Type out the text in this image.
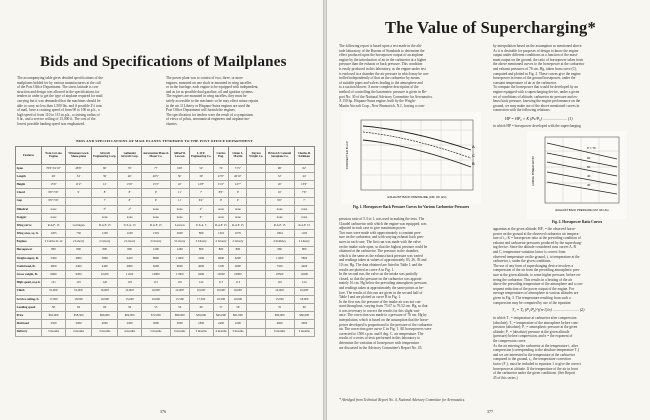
Bids and Specifications of Mailplanes
The accompanying table gives detailed specifications of the
mailplanes bidded for by various manufacturers at the call
of the Post Office Department. The stress latitude is con-
struction and design was allowed in the specifications for
tenders in order to get the type of airplane required for mail
carrying but it was demanded that the machines should be
able to carry no less than 1,500 lbs. and if possible 2½ tons
of mail, have a cruising speed of from 90 to 100 m.p.h., a
high speed of from 110 to 115 m.p.h., a cruising radius of
6 hr., and a service ceiling of 15,000 ft. The cost of the
lowest possible landing speed was emphasized.
The power plant was to consist of two, three, or more
engines, mounted on one shaft or mounted in wing nacelles
or in the fuselage, each engine to be equipped with independent,
and as far as possible dual gasoline, oil and ignition systems.
The engines are mounted in wing nacelles, they must be
safely accessible to the mechanic so he may effect minor repairs
in the air. If Liberty or Hispano-Suiza engines are used the
Post Office Department will furnish the engines.
The specification for tenders were the result of a symposium
of views of pilots, aeronautical engineers and airplane me-
chanics.
BIDS AND SPECIFICATIONS OF MAIL PLANES TENDERED TO THE POST OFFICE DEPARTMENT
Features	Twin Cur-tiss Engine	Witteman Lewis Mono-plane	Aircraft Engineering Corp.	Gallaudet Aircraft Corp.	Aeromarine Plane & Motor Co.	Alfred W. Lawson	L.W.F. Engineering Co.	Curtiss Eng.	Glenn L. Martin	Dayton Wright Co.	Bristol & Colonial Aeroplane Co.	Charles B. Kirkham
Span	76'6"/61'10"	48'6"	60'	70'	77'	100'	52'	74'	71'5"		96'	62'
Length	46'	34'	39'	46'	46'5"	50'	39'	47'6"	46'10"		52'	44'
Height	15'6"	11'2"	12'	13'6"	15'3"	16'	12'8"	15'2"	14'7"		20'	13'6"
Chord	8'6"/5'6"	9'	8'	8'	9'	11'	7'	8'6"	9'		10'	7'6"
Gap	8'6"/5'6"		7'	8'	9'	11'	6'4"	9'	9'		9'6"	7'
Dihedral	none		3°	2°	none	none	2°	none	none		none	none
Stagger	none		none	none	none	none	6"	none	none		none	none
Wing curve	R.A.F. 15	Gottingen	R.A.F. 15	U.S.A. 15	R.A.F. 15	Lawson	U.S.A. 5	R.A.F. 15	R.A.F. 15		R.A.F. 15	R.A.F. 15
Wing area, sq. ft.	1205	730	1100	1160	1319	2000	860	1316	1070		1904	1105
Engines	2 Curtiss K-12	2 Liberty	2 Liberty	2 Liberty	3 Liberty	3 Liberty	2 Liberty	2 Liberty	2 Liberty		4 Siddeley	2 Liberty
Horsepower	800	800	800	800	1200	1200	800	800	800		960	800
Weight empty, lb.	5360	4800	5800	6200	8600	11000	5400	6900	6200		11000	5800
Useful load, lb.	4600	4400	4400	4900	6200	6000	4000	5100	4600		7500	4400
Gross weight, lb.	9960	9200	10200	11100	14800	17000	9400	12000	10800		18500	10200
High speed, m.p.h.	121	125	120	118	115	116	122	117	113		110	124
Climb	10,000'	10,000'	10,000'	10,000'	10,000'	10,000'	10,000'	10,000'	10,000'		10,000'	10,000'
Service ceiling, ft.	17,000	18,000	16,000	15,000	16,000	15,500	17,500	16,500	16,000		15,000	18,000
Landing speed	58	62	60	56	55	54	60	57	58		55	60
Price	$62,000	$58,500	$60,000	$64,000	$72,000	$80,000	$59,000	$65,000	$61,000		$90,000	$60,000
Mail load	2500	2000	2000	2200	3000	3000	1800	2400	2200		4000	2000
Delivery	3 months	4 months	3 months	4 months	5 months	6 months	3 months	4 months	3 months		6 months	4 months
376
The Value of Supercharging*
The following report is based upon a test made in the alti-
tude laboratory of the Bureau of Standards to determine the
effect produced upon the horsepower output of an airplane
engine by the introduction of air in the carburetor at a higher
pressure than the exhaust or back pressure. This condition
is easily produced in this laboratory, as the engine under test
is enclosed in a chamber the air pressure in which may be con-
trolled independently of that on the carburetor by means
of suitable pipes and valves leading to the atmosphere and
to a suction blower. A more complete description of the
method of controlling the barometric pressure is given in Re-
port No. 30 of the National Advisory Committee for Aeronautics.
A 150 hp. Hispano-Suiza engine, built by the Wright-
Martin Aircraft Corp., New Brunswick, N.J., having a com-
A
B
C
EXHAUST BACK PRESSURE (CM. OF HG)
CORRECTED B.H.P.
Fig. 1. Horsepower-Back Pressure Curves for Various Carburetor Pressures
pression ratio of 5.3 to 1, was used in making the tests. The
Claudel carburetor with which the engine was equipped, was
adjusted in each case to give maximum power.
Two runs were made with approximately a constant pres-
sure on the carburetor, and with varying exhaust back pres-
sures in each case. The first run was made with the valve
on the intake wide open, so that the highest pressure could be
obtained at the carburetor. The pressure in the chamber,
which is the same as the exhaust back pressure was varied
and readings taken at values of approximately 83, 26, 39 and
10 cm. Hg. The data obtained are listed in Table I, and the
results are plotted as curve A in Fig. 1.
In the second run, the valve on the intake was partially
closed, so that the pressure on the carburetor was approxi-
mately 16 cm. Hg below the prevailing atmospheric pressure,
and readings taken at approximately the same points as be-
fore. The results of this run are given in the second half of
Table I and are plotted as curve B in Fig. 1.
In the first run, the pressure of the intake air was not con-
stant throughout, varying from 73.67 to 76.52 cm. Hg, so that
it was necessary to correct the results for this slight vari-
ance. The correction was made to a pressure of 76 cm. Hg by
interpolation, which is based on the assumption that the horse-
power developed is proportional to the pressure of the carburetor
air. The correction gave curve C in Fig. 1. All horsepowers were
corrected to 1500 r.p.m. and 0 deg. C. air temperature. The
results of a series of tests performed in this laboratory to
determine the variation of horsepower with temperature
are discussed in the Advisory Committee's Report No. 45.
by interpolation based on the assumption as mentioned above.
As it is desirable for purposes of design to know the engine
output under different conditions as a function of the maxi-
mum output on the ground, the ratio of horsepower taken from
the above mentioned curves to the horsepower at the carburetor
and exhaust pressures of 76 cm. Hg, taken from curve (C),
computed and plotted in Fig. 2. These curves give the engine
horsepower in terms of the ground horsepower, under the
constant temperature of air at the carburetor.
To compute the horsepower that would be developed by an
engine equipped with a supercharging device, under a given
set of conditions of altitude, carburetor air pressure and ex-
haust back pressure, knowing the engine performance on the
ground, we may make use of the above mentioned curves in
connection with the following relations:
HP = HP₀ × K (Pc/P₀) ........................ (1)
in which HP = horsepower developed with the supercharging
P = 76
60
50
40
30
EXHAUST BACK PRESSURE (CM. OF HG)
HORSE POWER RATIO
Fig. 2. Horsepower Ratio Curves
apparatus at the given altitude; HP₀ = the observed horse-
power on the ground at the observed carburetor air tempera-
ture of t₀; K = horsepower ratio at the prevailing condition of
exhaust and carburetor pressures produced by the supercharg-
ing device. Since the altitude considered runs curves A, B
and C, temperature variation factor is correct from
observed temperature on the ground, t₀ to temperature at the
carburetor, t, under the given conditions.
The use of any form of supercharging device involves a
compression of the air from the prevailing atmospheric pres-
sure at the given altitude, to some higher pressure, before en-
tering the carburetor. This results in a heating of the air
above the prevailing temperature of the atmosphere and a con-
sequent reduction of the power output of the engine. For
average temperatures of atmosphere at various altitudes are
given in Fig. 3. The temperature resulting from such a
compression may be computed by use of the equation:
T₁ = T₀ (P₁/P₀)^((n-1)/n) .......................... (2)
in which T₁ = temperature at carburetor after compression
(absolute); T₀ = temperature of the atmosphere before com-
pression (absolute); P₀ = atmospheric pressure at the given
altitude; P₁ = (absolute) pressure at the given altitude
(pressure) before compression; and n = the exponent of
the compression curve.
As the air entering the carburetor at the temperature t₁ after
compression (corresponding to the absolute temperature T₁)
and we are interested in the temperature at the carburetor
compared to the ground, t₀, the temperature correction
factor (F₁), must be included to equation 1 to give the correct
horsepower at altitude. If the temperature of the air in front
of the carburetor under the given conditions. (See Report
45 of this series.)
* Abridged from Technical Report No. 4, National Advisory Committee for Aeronautics.
377
